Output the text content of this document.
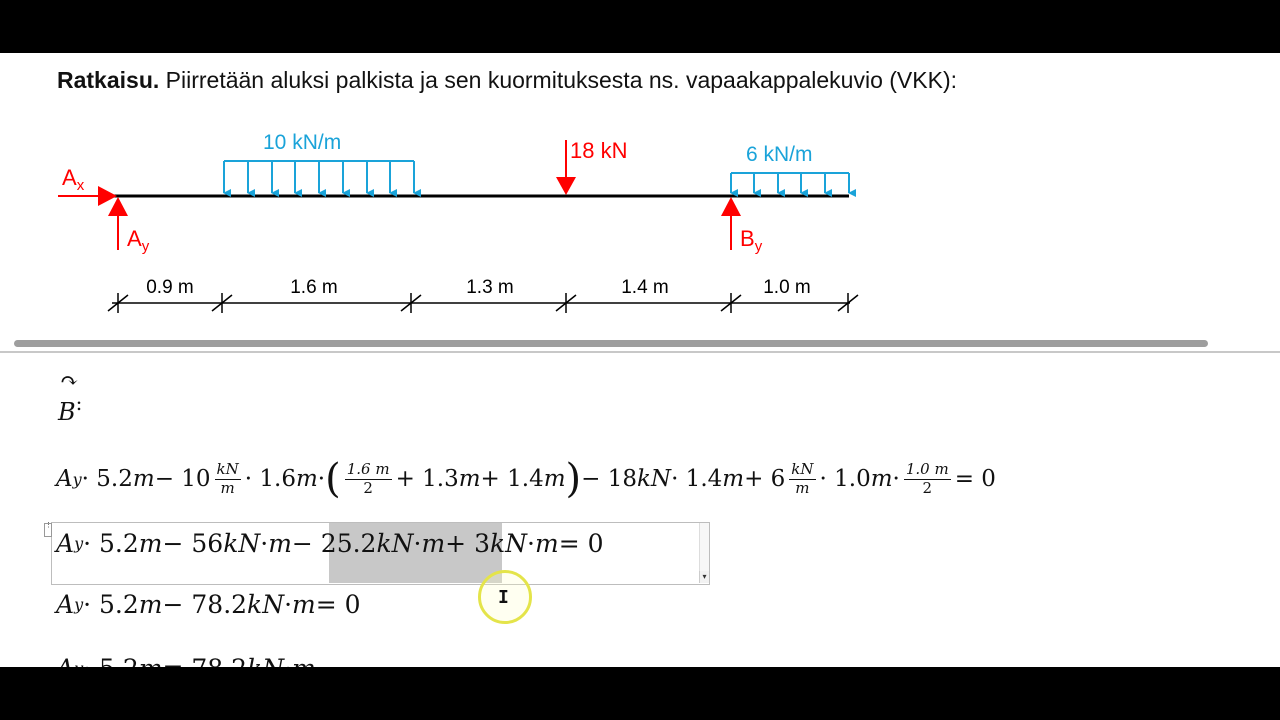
Ratkaisu. Piirretään aluksi palkista ja sen kuormituksesta ns. vapaakappalekuvio (VKK):
10 kN/m
6 kN/m
18 kN
$A_x$
$A_y$	$B_y$
0.9 m	1.6 m	1.3 m	1.4 m	1.0 m
↷
B:
A y · 5.2 $m - 10 \frac{kN}{m} \cdot 1.6$ m · ( $\frac{1.6 m}{2} + 1.3$ m + 1.4 m ) − 18 kN · 1.4 $m + 6 \frac{kN}{m} \cdot 1.0$ $m \cdot \frac{1.0 m}{2} = 0$
⋮
▾
A y · 5.2 m − 56 kN · m − 25.2 kN · m + 3 kN · m = 0
A y · 5.2 m − 78.2 kN · m = 0	I
